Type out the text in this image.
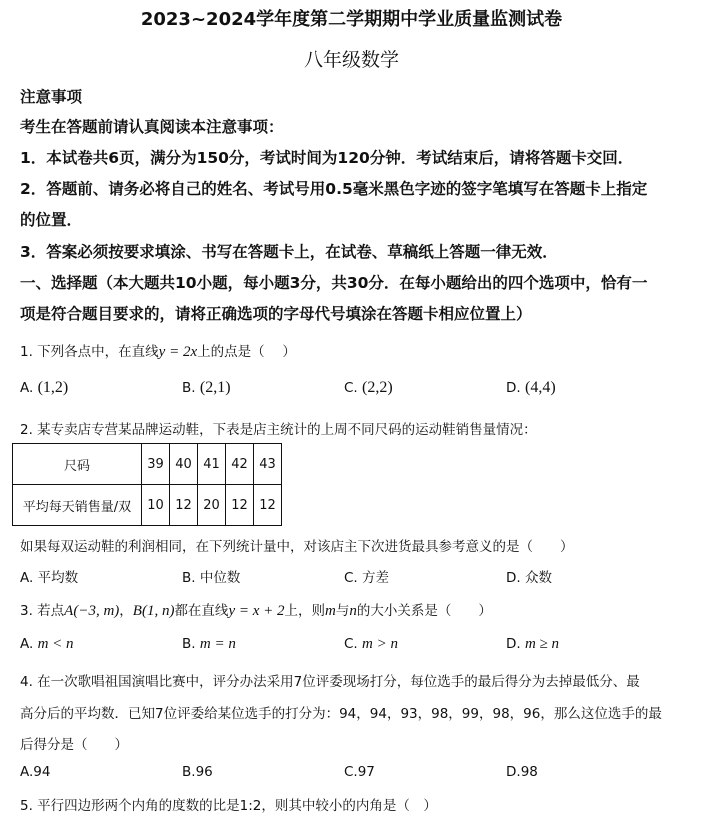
2023~2024学年度第二学期期中学业质量监测试卷
八年级数学
注意事项
考生在答题前请认真阅读本注意事项：
1．本试卷共6页，满分为150分，考试时间为120分钟．考试结束后，请将答题卡交回．
2．答题前、请务必将自己的姓名、考试号用0.5毫米黑色字迹的签字笔填写在答题卡上指定
的位置．
3．答案必须按要求填涂、书写在答题卡上，在试卷、草稿纸上答题一律无效．
一、选择题（本大题共10小题，每小题3分，共30分．在每小题给出的四个选项中，恰有一
项是符合题目要求的，请将正确选项的字母代号填涂在答题卡相应位置上）
1. 下列各点中，在直线y = 2x上的点是（　 ）
A. (1,2)	B. (2,1)	C. (2,2)	D. (4,4)
2. 某专卖店专营某品牌运动鞋，下表是店主统计的上周不同尺码的运动鞋销售量情况：
尺码	39	40	41	42	43
平均每天销售量/双	10	12	20	12	12
如果每双运动鞋的利润相同，在下列统计量中，对该店主下次进货最具参考意义的是（　　）
A. 平均数	B. 中位数	C. 方差	D. 众数
3. 若点A(−3, m)，B(1, n)都在直线y = x + 2上，则m与n的大小关系是（　　）
A. m < n	B. m = n	C. m > n	D. m ≥ n
4. 在一次歌唱祖国演唱比赛中，评分办法采用7位评委现场打分，每位选手的最后得分为去掉最低分、最
高分后的平均数．已知7位评委给某位选手的打分为：94，94，93，98，99，98，96，那么这位选手的最
后得分是（　　）
A.94	B.96	C.97	D.98
5. 平行四边形两个内角的度数的比是1:2，则其中较小的内角是（　）
